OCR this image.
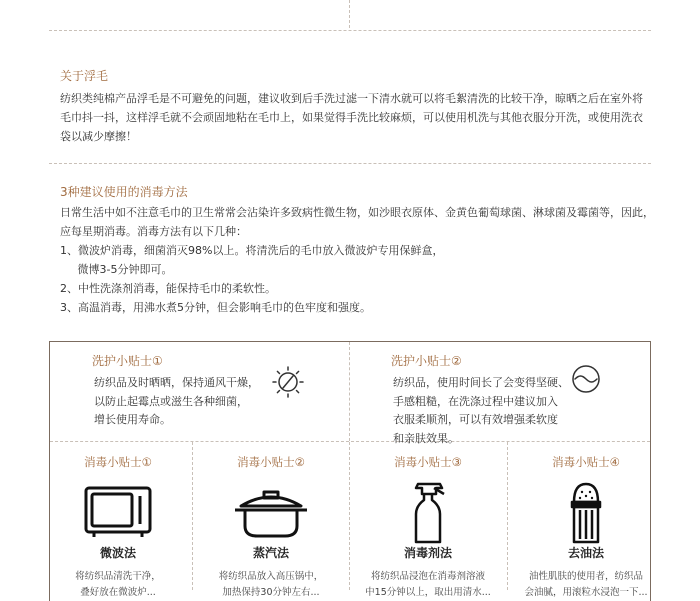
关于浮毛
纺织类纯棉产品浮毛是不可避免的问题，建议收到后手洗过滤一下清水就可以将毛絮清洗的比较干净，晾晒之后在室外将
毛巾抖一抖，这样浮毛就不会顽固地粘在毛巾上，如果觉得手洗比较麻烦，可以使用机洗与其他衣服分开洗，或使用洗衣
袋以减少摩擦！
3种建议使用的消毒方法
日常生活中如不注意毛巾的卫生常常会沾染许多致病性微生物，如沙眼衣原体、金黄色葡萄球菌、淋球菌及霉菌等，因此，
应每星期消毒。消毒方法有以下几种：
1、微波炉消毒，细菌消灭98%以上。将清洗后的毛巾放入微波炉专用保鲜盒，
微博3-5分钟即可。
2、中性洗涤剂消毒，能保持毛巾的柔软性。
3、高温消毒，用沸水煮5分钟，但会影响毛巾的色牢度和强度。
洗护小贴士①
纺织品及时晒晒，保持通风干燥，
以防止起霉点或滋生各种细菌，
增长使用寿命。
洗护小贴士②
纺织品，使用时间长了会变得坚硬、
手感粗糙，在洗涤过程中建议加入
衣服柔顺剂，可以有效增强柔软度
和亲肤效果。
消毒小贴士①
微波法
将纺织品清洗干净，
叠好放在微波炉...
消毒小贴士②
蒸汽法
将纺织品放入高压锅中，
加热保持30分钟左右...
消毒小贴士③
消毒剂法
将纺织品浸泡在消毒剂溶液
中15分钟以上，取出用清水...
消毒小贴士④
去油法
油性肌肤的使用者，纺织品
会油腻，用滚粒水浸泡一下...
